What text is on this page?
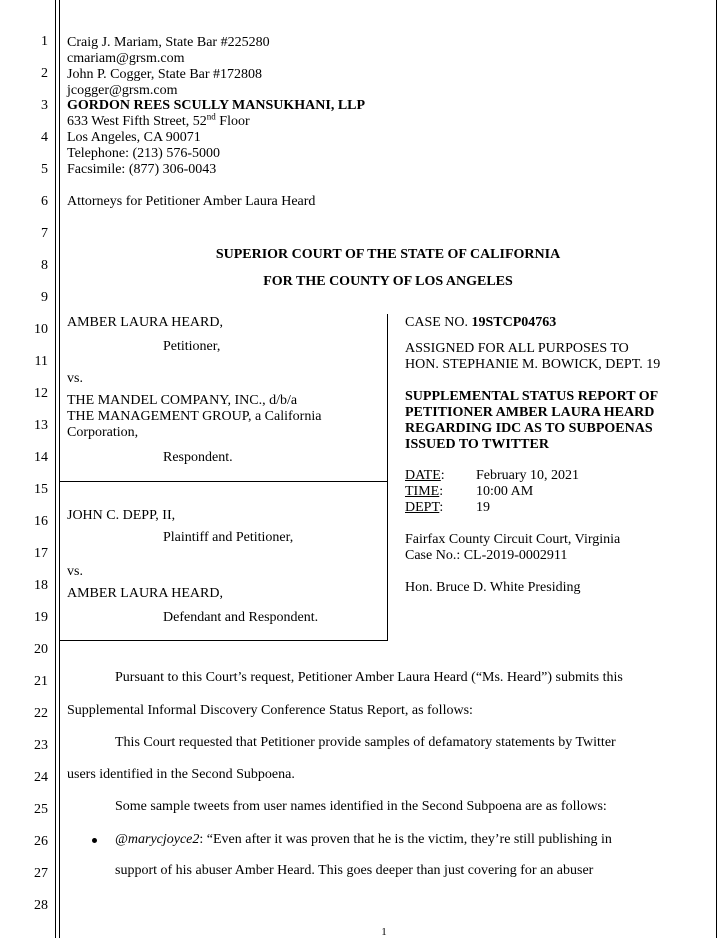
1
2
3
4
5
6
7
8
9
10
11
12
13
14
15
16
17
18
19
20
21
22
23
24
25
26
27
28
Craig J. Mariam, State Bar #225280
cmariam@grsm.com
John P. Cogger, State Bar #172808
jcogger@grsm.com
GORDON REES SCULLY MANSUKHANI, LLP
633 West Fifth Street, 52nd Floor
Los Angeles, CA 90071
Telephone: (213) 576-5000
Facsimile: (877) 306-0043
Attorneys for Petitioner Amber Laura Heard
SUPERIOR COURT OF THE STATE OF CALIFORNIA
FOR THE COUNTY OF LOS ANGELES
AMBER LAURA HEARD,
Petitioner,
vs.
THE MANDEL COMPANY, INC., d/b/a
THE MANAGEMENT GROUP, a California
Corporation,
Respondent.
JOHN C. DEPP, II,
Plaintiff and Petitioner,
vs.
AMBER LAURA HEARD,
Defendant and Respondent.
CASE NO. 19STCP04763
ASSIGNED FOR ALL PURPOSES TO
HON. STEPHANIE M. BOWICK, DEPT. 19
SUPPLEMENTAL STATUS REPORT OF
PETITIONER AMBER LAURA HEARD
REGARDING IDC AS TO SUBPOENAS
ISSUED TO TWITTER
DATE: February 10, 2021
TIME: 10:00 AM
DEPT: 19
Fairfax County Circuit Court, Virginia
Case No.: CL-2019-0002911
Hon. Bruce D. White Presiding
Pursuant to this Court’s request, Petitioner Amber Laura Heard (“Ms. Heard”) submits this
Supplemental Informal Discovery Conference Status Report, as follows:
This Court requested that Petitioner provide samples of defamatory statements by Twitter
users identified in the Second Subpoena.
Some sample tweets from user names identified in the Second Subpoena are as follows:
@marycjoyce2: “Even after it was proven that he is the victim, they’re still publishing in
support of his abuser Amber Heard. This goes deeper than just covering for an abuser
1
